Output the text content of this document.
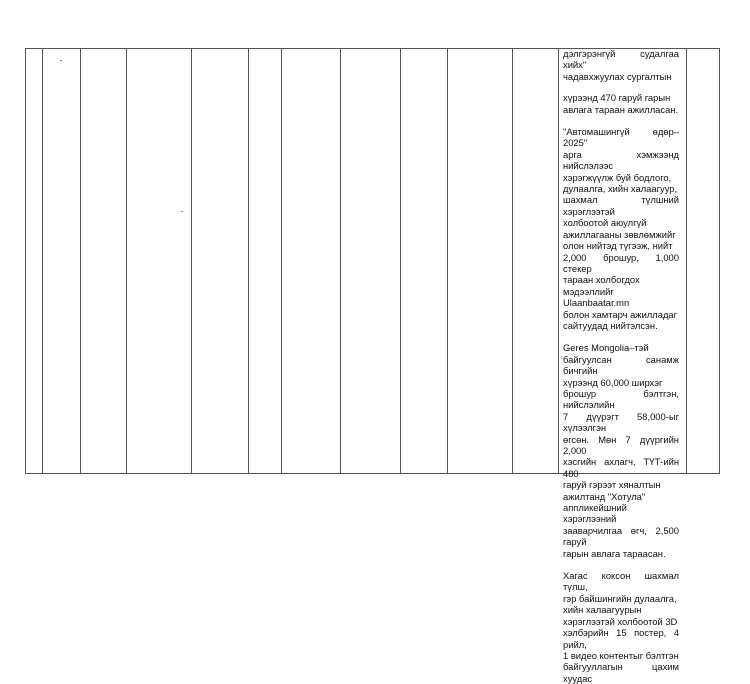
дэлгэрэнгүй судалгаа хийх"
чадавхжуулах сургалтын

хүрээнд 470 гаруй гарын
авлага тараан ажилласан.

"Автомашингүй өдөр–2025"
арга хэмжээнд нийслэлээс
хэрэгжүүлж буй бодлого,
дулаалга, хийн халаагуур,
шахмал түлшний хэрэглээтэй
холбоотой аюулгүй
ажиллагааны зөвлөмжийг
олон нийтэд түгээж, нийт
2,000 брошур, 1,000 стекер
тараан холбогдох
мэдээллийг Ulaanbaatar.mn
болон хамтарч ажилладаг
сайтуудад нийтэлсэн.

Geres Mongolia–тэй
байгуулсан санамж бичгийн
хүрээнд 60,000 ширхэг
брошур бэлтгэн, нийслэлийн
7 дүүрэгт 58,000-ыг хүлээлгэн
өгсөн. Мөн 7 дүүргийн 2,000
хэсгийн ахлагч, ТҮТ-ийн 480
гаруй гэрээт хяналтын
ажилтанд "Хотула"
аппликейшний хэрэглээний
зааварчилгаа өгч, 2,500 гаруй
гарын авлага тараасан.

Хагас коксон шахмал түлш,
гэр байшингийн дулаалга,
хийн халаагуурын
хэрэглээтэй холбоотой 3D
хэлбэрийн 15 постер, 4 рийл,
1 видео контентыг бэлтгэн
байгууллагын цахим хуудас
